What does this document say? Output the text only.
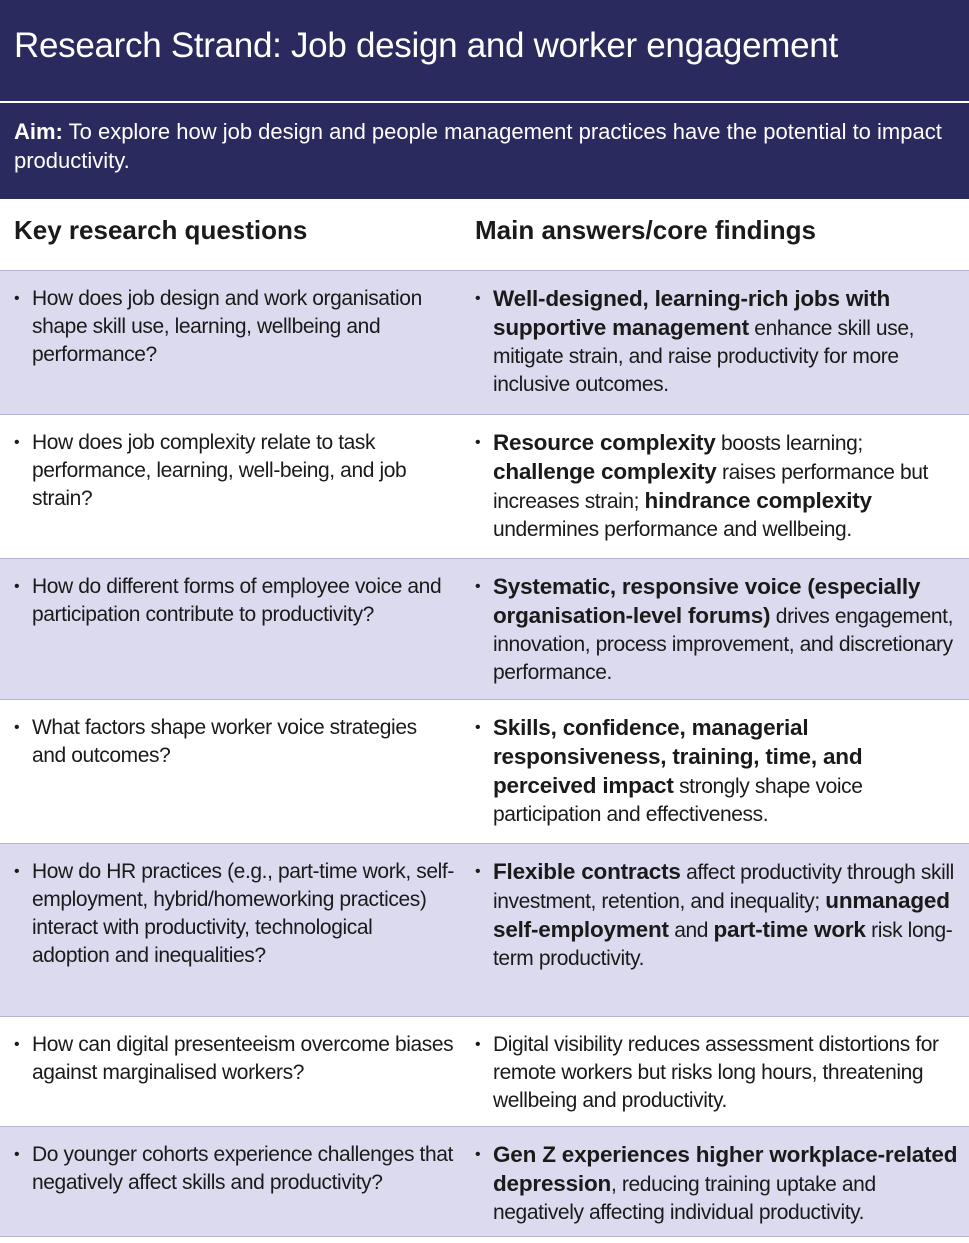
Research Strand: Job design and worker engagement
Aim: To explore how job design and people management practices have the potential to impact productivity.
Key research questions	Main answers/core findings
• How does job design and work organisation shape skill use, learning, wellbeing and performance?
• Well-designed, learning-rich jobs with supportive management enhance skill use, mitigate strain, and raise productivity for more inclusive outcomes.
• How does job complexity relate to task performance, learning, well-being, and job strain?
• Resource complexity boosts learning; challenge complexity raises performance but increases strain; hindrance complexity undermines performance and wellbeing.
• How do different forms of employee voice and participation contribute to productivity?
• Systematic, responsive voice (especially organisation-level forums) drives engagement, innovation, process improvement, and discretionary performance.
• What factors shape worker voice strategies and outcomes?
• Skills, confidence, managerial responsiveness, training, time, and perceived impact strongly shape voice participation and effectiveness.
• How do HR practices (e.g., part-time work, self-employment, hybrid/homeworking practices) interact with productivity, technological adoption and inequalities?
• Flexible contracts affect productivity through skill investment, retention, and inequality; unmanaged self-employment and part-time work risk long-term productivity.
• How can digital presenteeism overcome biases against marginalised workers?
• Digital visibility reduces assessment distortions for remote workers but risks long hours, threatening wellbeing and productivity.
• Do younger cohorts experience challenges that negatively affect skills and productivity?
• Gen Z experiences higher workplace-related depression, reducing training uptake and negatively affecting individual productivity.
